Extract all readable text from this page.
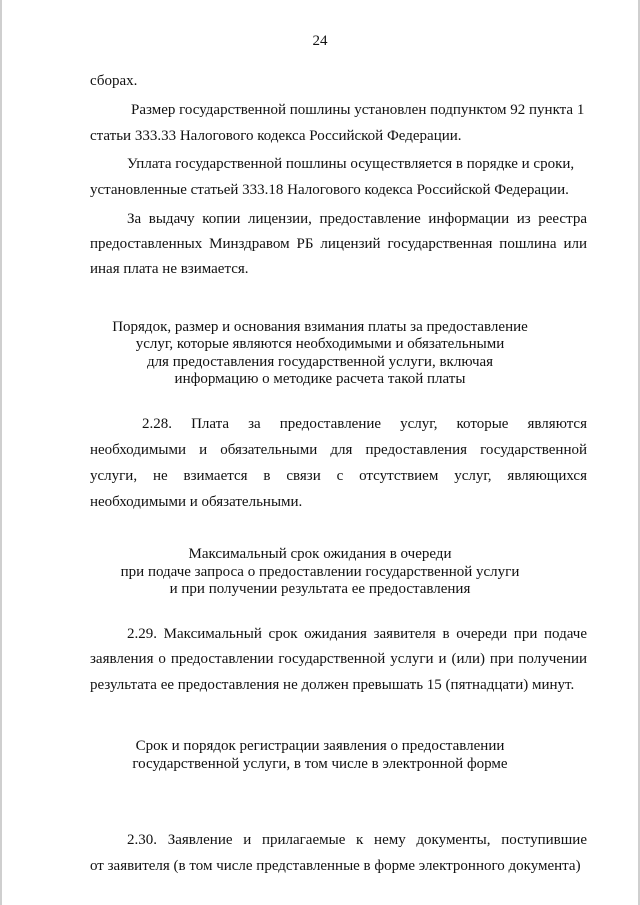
24
сборах.
Размер государственной пошлины установлен подпунктом 92 пункта 1
статьи 333.33 Налогового кодекса Российской Федерации.
Уплата государственной пошлины осуществляется в порядке и сроки,
установленные статьей 333.18 Налогового кодекса Российской Федерации.
За выдачу копии лицензии, предоставление информации из реестра
предоставленных Минздравом РБ лицензий государственная пошлина или
иная плата не взимается.
Порядок, размер и основания взимания платы за предоставление
услуг, которые являются необходимыми и обязательными
для предоставления государственной услуги, включая
информацию о методике расчета такой платы
2.28. Плата за предоставление услуг, которые являются
необходимыми и обязательными для предоставления государственной
услуги, не взимается в связи с отсутствием услуг, являющихся
необходимыми и обязательными.
Максимальный срок ожидания в очереди
при подаче запроса о предоставлении государственной услуги
и при получении результата ее предоставления
2.29. Максимальный срок ожидания заявителя в очереди при подаче
заявления о предоставлении государственной услуги и (или) при получении
результата ее предоставления не должен превышать 15 (пятнадцати) минут.
Срок и порядок регистрации заявления о предоставлении
государственной услуги, в том числе в электронной форме
2.30. Заявление и прилагаемые к нему документы, поступившие
от заявителя (в том числе представленные в форме электронного документа)
